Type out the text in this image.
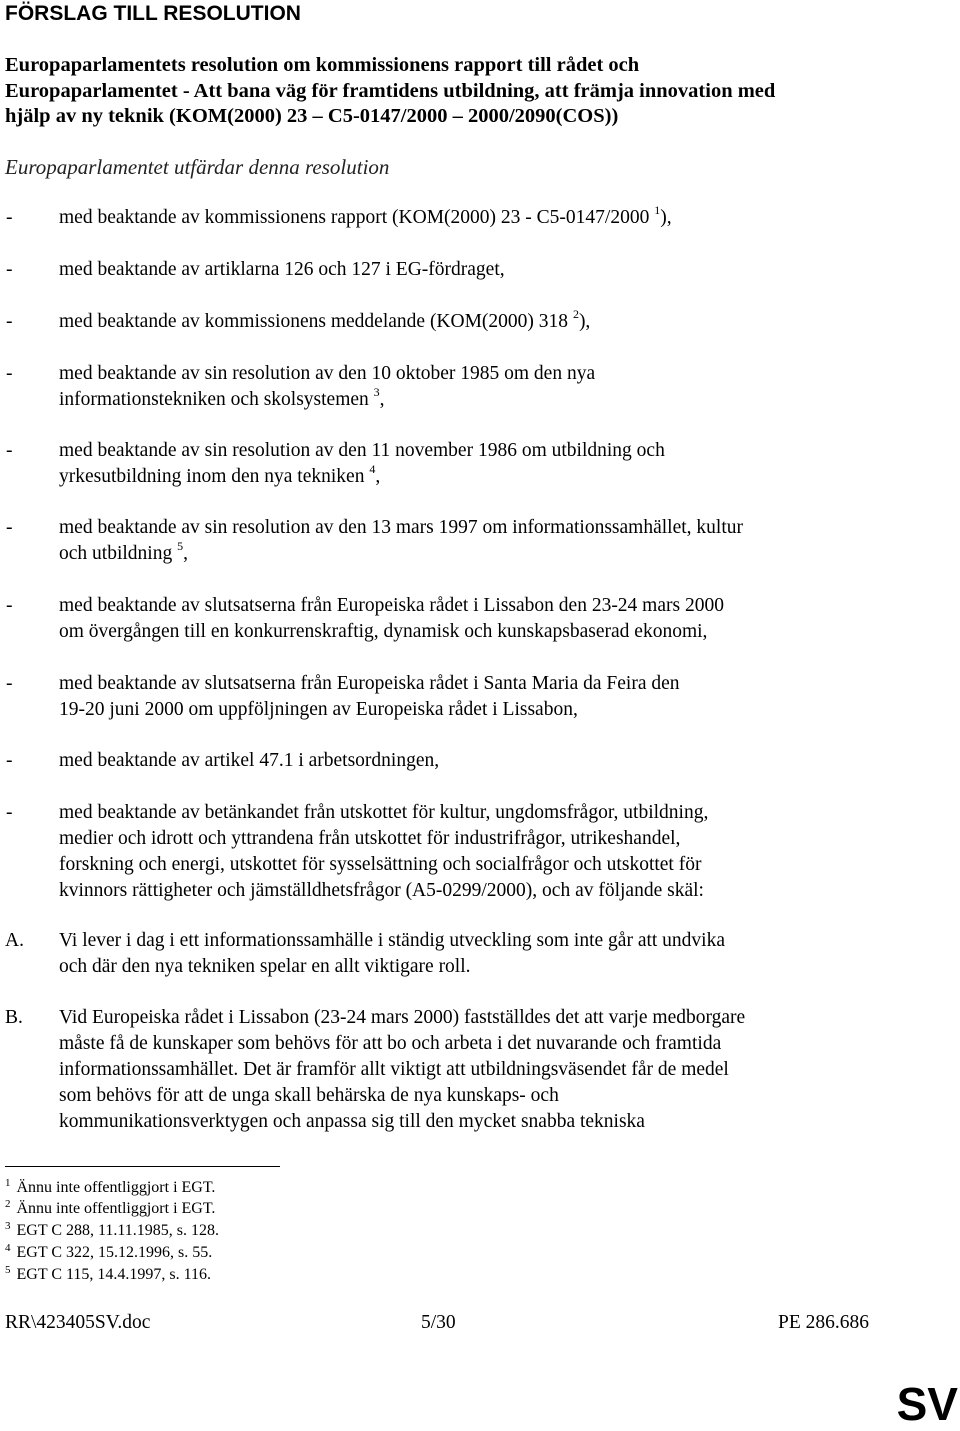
FÖRSLAG TILL RESOLUTION
Europaparlamentets resolution om kommissionens rapport till rådet och
Europaparlamentet - Att bana väg för framtidens utbildning, att främja innovation med
hjälp av ny teknik (KOM(2000) 23 – C5-0147/2000 – 2000/2090(COS))
Europaparlamentet utfärdar denna resolution
- med beaktande av kommissionens rapport (KOM(2000) 23 - C5-0147/2000 $^1$),
- med beaktande av artiklarna 126 och 127 i EG-fördraget,
- med beaktande av kommissionens meddelande (KOM(2000) 318 $^2$),
- med beaktande av sin resolution av den 10 oktober 1985 om den nya
informationstekniken och skolsystemen $^3$,
- med beaktande av sin resolution av den 11 november 1986 om utbildning och
yrkesutbildning inom den nya tekniken $^4$,
- med beaktande av sin resolution av den 13 mars 1997 om informationssamhället, kultur
och utbildning $^5$,
- med beaktande av slutsatserna från Europeiska rådet i Lissabon den 23-24 mars 2000
om övergången till en konkurrenskraftig, dynamisk och kunskapsbaserad ekonomi,
- med beaktande av slutsatserna från Europeiska rådet i Santa Maria da Feira den
19-20 juni 2000 om uppföljningen av Europeiska rådet i Lissabon,
- med beaktande av artikel 47.1 i arbetsordningen,
- med beaktande av betänkandet från utskottet för kultur, ungdomsfrågor, utbildning,
medier och idrott och yttrandena från utskottet för industrifrågor, utrikeshandel,
forskning och energi, utskottet för sysselsättning och socialfrågor och utskottet för
kvinnors rättigheter och jämställdhetsfrågor (A5-0299/2000), och av följande skäl:
A. Vi lever i dag i ett informationssamhälle i ständig utveckling som inte går att undvika
och där den nya tekniken spelar en allt viktigare roll.
B. Vid Europeiska rådet i Lissabon (23-24 mars 2000) fastställdes det att varje medborgare
måste få de kunskaper som behövs för att bo och arbeta i det nuvarande och framtida
informationssamhället. Det är framför allt viktigt att utbildningsväsendet får de medel
som behövs för att de unga skall behärska de nya kunskaps- och
kommunikationsverktygen och anpassa sig till den mycket snabba tekniska
$^1$ Ännu inte offentliggjort i EGT.
$^2$ Ännu inte offentliggjort i EGT.
$^3$ EGT C 288, 11.11.1985, s. 128.
$^4$ EGT C 322, 15.12.1996, s. 55.
$^5$ EGT C 115, 14.4.1997, s. 116.
RR\423405SV.doc	5/30	PE 286.686
SV
